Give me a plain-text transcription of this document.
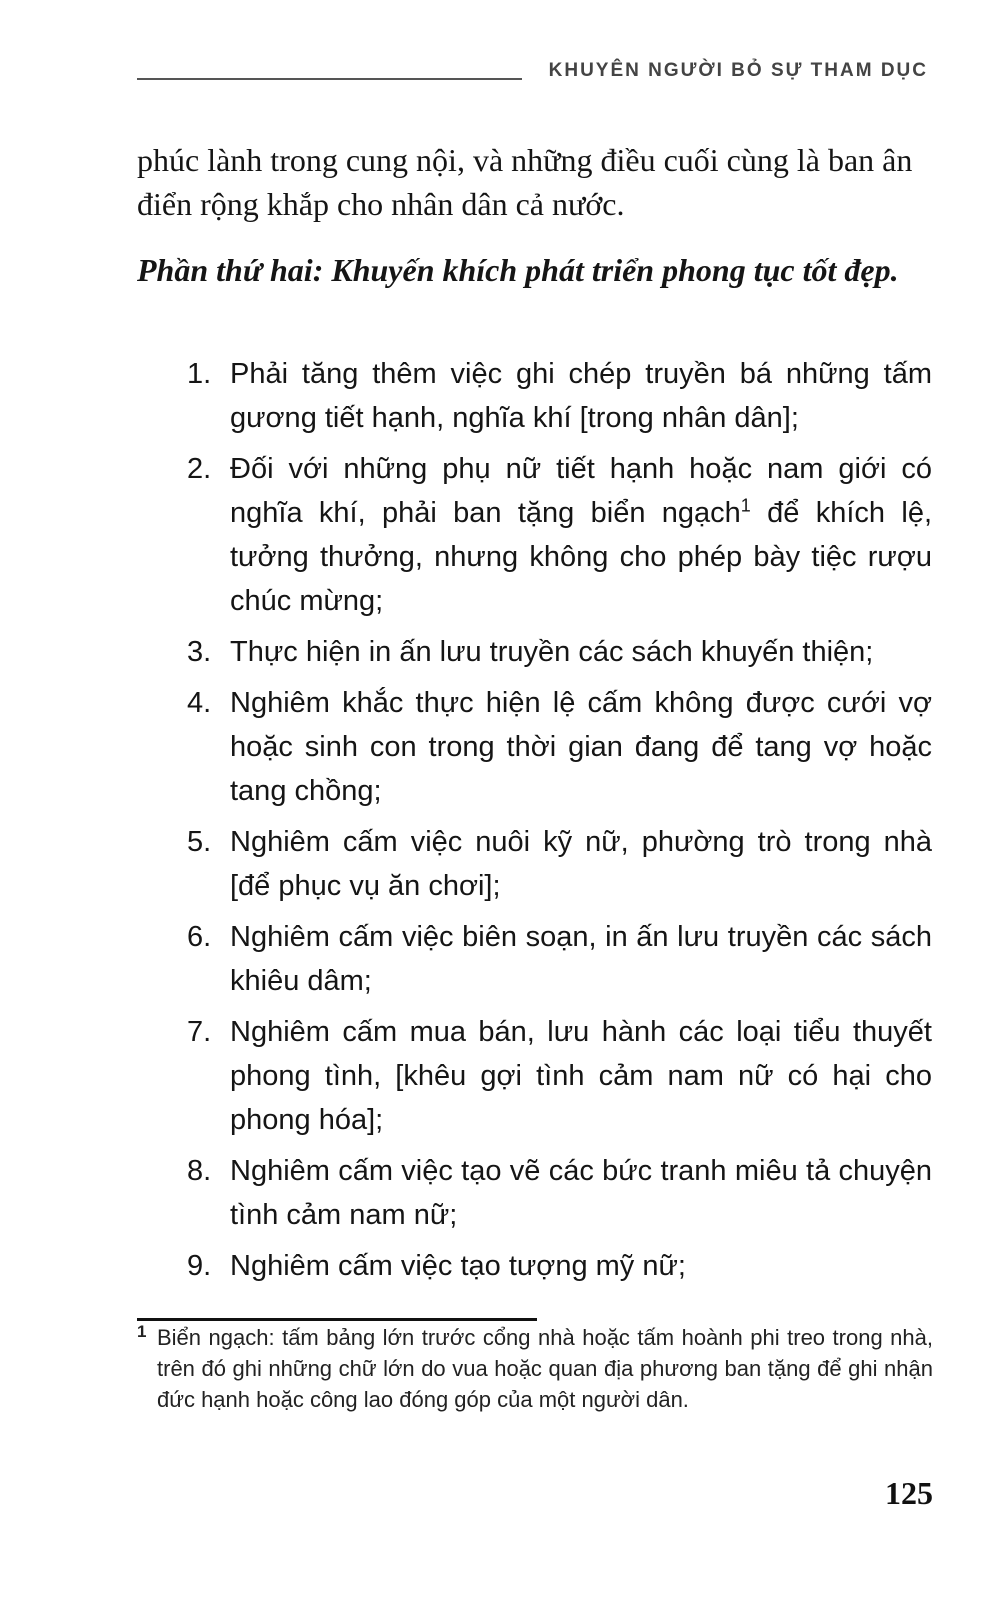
KHUYÊN NGƯỜI BỎ SỰ THAM DỤC
phúc lành trong cung nội, và những điều cuối cùng là ban ân điển rộng khắp cho nhân dân cả nước.
Phần thứ hai: Khuyến khích phát triển phong tục tốt đẹp.
1. Phải tăng thêm việc ghi chép truyền bá những tấm gương tiết hạnh, nghĩa khí [trong nhân dân];
2. Đối với những phụ nữ tiết hạnh hoặc nam giới có nghĩa khí, phải ban tặng biển ngạch$^1$ để khích lệ, tưởng thưởng, nhưng không cho phép bày tiệc rượu chúc mừng;
3. Thực hiện in ấn lưu truyền các sách khuyến thiện;
4. Nghiêm khắc thực hiện lệ cấm không được cưới vợ hoặc sinh con trong thời gian đang để tang vợ hoặc tang chồng;
5. Nghiêm cấm việc nuôi kỹ nữ, phường trò trong nhà [để phục vụ ăn chơi];
6. Nghiêm cấm việc biên soạn, in ấn lưu truyền các sách khiêu dâm;
7. Nghiêm cấm mua bán, lưu hành các loại tiểu thuyết phong tình, [khêu gợi tình cảm nam nữ có hại cho phong hóa];
8. Nghiêm cấm việc tạo vẽ các bức tranh miêu tả chuyện tình cảm nam nữ;
9. Nghiêm cấm việc tạo tượng mỹ nữ;
1 Biển ngạch: tấm bảng lớn trước cổng nhà hoặc tấm hoành phi treo trong nhà, trên đó ghi những chữ lớn do vua hoặc quan địa phương ban tặng để ghi nhận đức hạnh hoặc công lao đóng góp của một người dân.
125
